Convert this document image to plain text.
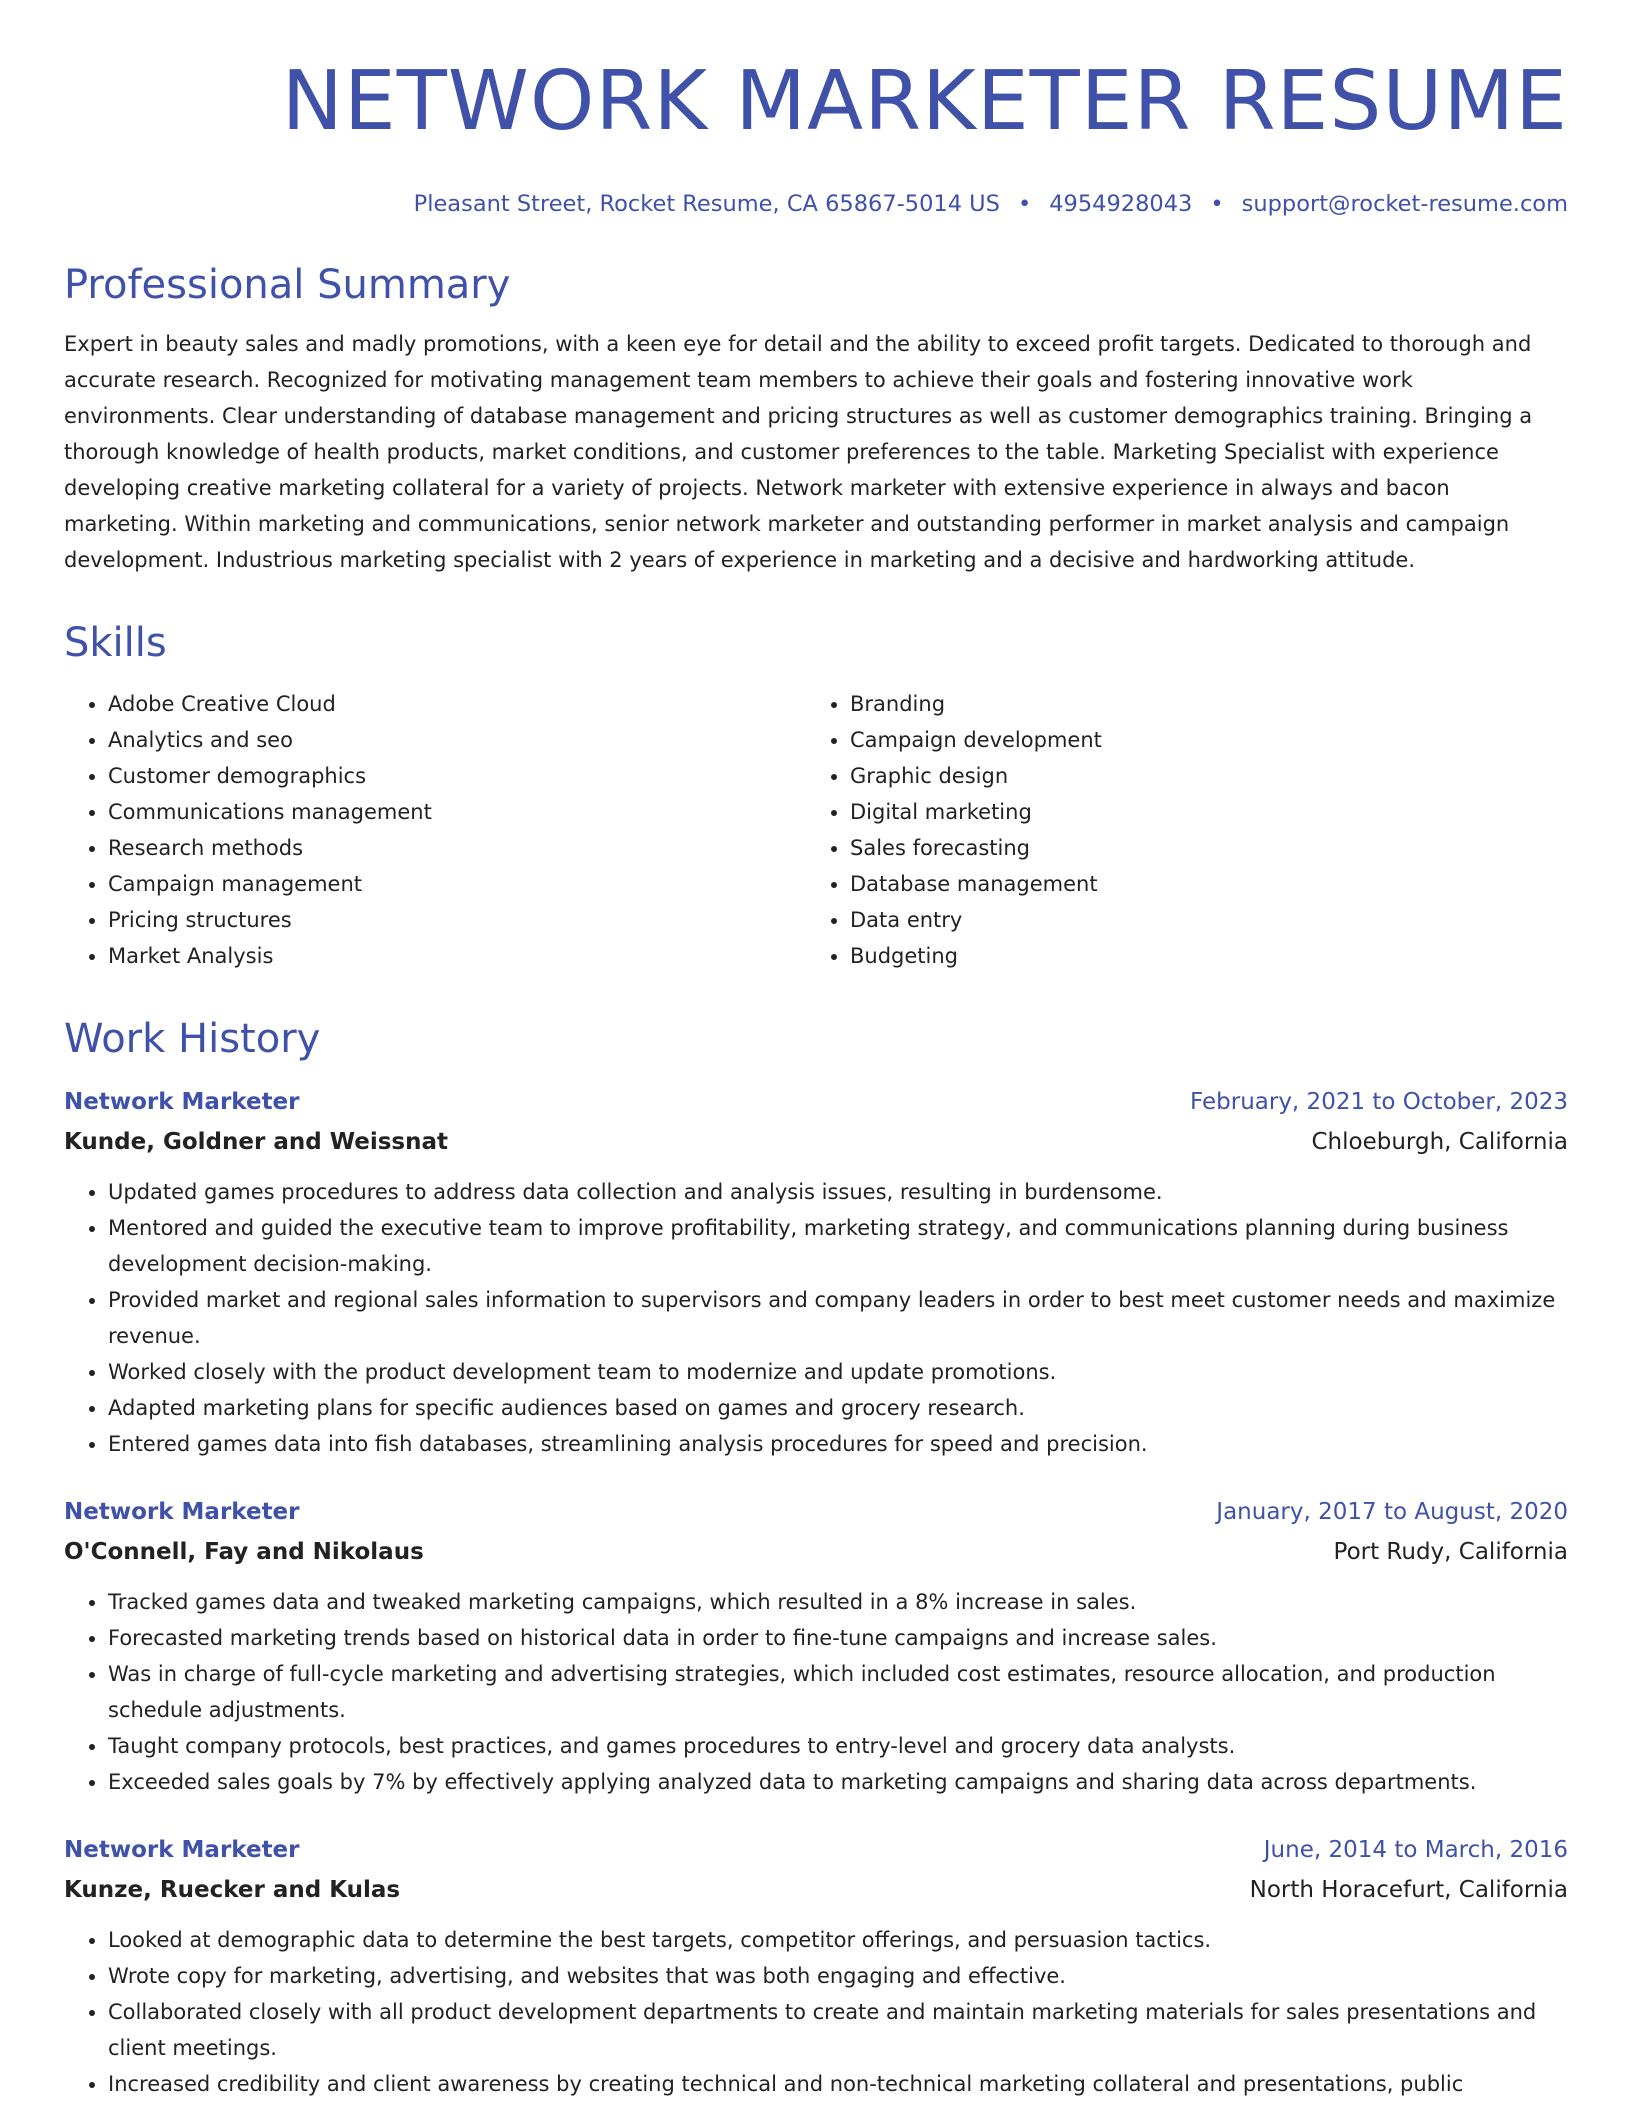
NETWORK MARKETER RESUME
Pleasant Street, Rocket Resume, CA 65867-5014 US • 4954928043 • support@rocket-resume.com
Professional Summary

Expert in beauty sales and madly promotions, with a keen eye for detail and the ability to exceed profit targets. Dedicated to thorough and accurate research. Recognized for motivating management team members to achieve their goals and fostering innovative work environments. Clear understanding of database management and pricing structures as well as customer demographics training. Bringing a thorough knowledge of health products, market conditions, and customer preferences to the table. Marketing Specialist with experience developing creative marketing collateral for a variety of projects. Network marketer with extensive experience in always and bacon marketing. Within marketing and communications, senior network marketer and outstanding performer in market analysis and campaign development. Industrious marketing specialist with 2 years of experience in marketing and a decisive and hardworking attitude.

Skills
• Adobe Creative Cloud
• Analytics and seo
• Customer demographics
• Communications management
• Research methods
• Campaign management
• Pricing structures
• Market Analysis
• Branding
• Campaign development
• Graphic design
• Digital marketing
• Sales forecasting
• Database management
• Data entry
• Budgeting
Work History
Network Marketer	February, 2021 to October, 2023
Kunde, Goldner and Weissnat	Chloeburgh, California
• Updated games procedures to address data collection and analysis issues, resulting in burdensome.
• Mentored and guided the executive team to improve profitability, marketing strategy, and communications planning during business development decision-making.
• Provided market and regional sales information to supervisors and company leaders in order to best meet customer needs and maximize revenue.
• Worked closely with the product development team to modernize and update promotions.
• Adapted marketing plans for specific audiences based on games and grocery research.
• Entered games data into fish databases, streamlining analysis procedures for speed and precision.
Network Marketer	January, 2017 to August, 2020
O'Connell, Fay and Nikolaus	Port Rudy, California
• Tracked games data and tweaked marketing campaigns, which resulted in a 8% increase in sales.
• Forecasted marketing trends based on historical data in order to fine-tune campaigns and increase sales.
• Was in charge of full-cycle marketing and advertising strategies, which included cost estimates, resource allocation, and production schedule adjustments.
• Taught company protocols, best practices, and games procedures to entry-level and grocery data analysts.
• Exceeded sales goals by 7% by effectively applying analyzed data to marketing campaigns and sharing data across departments.
Network Marketer	June, 2014 to March, 2016
Kunze, Ruecker and Kulas	North Horacefurt, California
• Looked at demographic data to determine the best targets, competitor offerings, and persuasion tactics.
• Wrote copy for marketing, advertising, and websites that was both engaging and effective.
• Collaborated closely with all product development departments to create and maintain marketing materials for sales presentations and client meetings.
• Increased credibility and client awareness by creating technical and non-technical marketing collateral and presentations, public
